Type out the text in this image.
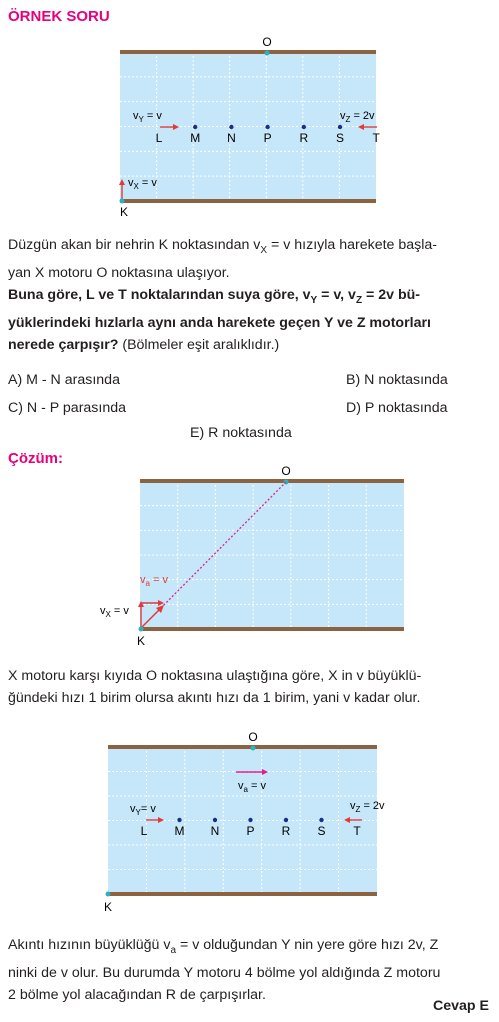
ÖRNEK SORU
O
L M N P R S T
$v_Y = v$	$v_Z = 2v$
$v_X = v$
K

Düzgün akan bir nehrin K noktasından $v_X = v$ hızıyla harekete başla-

yan X motoru O noktasına ulaşıyor.

Buna göre, L ve T noktalarından suya göre, $v_Y = v$, $v_Z = 2v$ bü-

yüklerindeki hızlarla aynı anda harekete geçen Y ve Z motorları

nerede çarpışır? (Bölmeler eşit aralıklıdır.)

A) M - N arasında	B) N noktasında
C) N - P parasında	D) P noktasında
E) R noktasında
Çözüm:
O
$v_a = v$
$v_X = v$
K

X motoru karşı kıyıda O noktasına ulaştığına göre, X in v büyüklü-

ğündeki hızı 1 birim olursa akıntı hızı da 1 birim, yani v kadar olur.

O
$v_a = v$
L M N P R S T
$v_Y= v$	$v_Z = 2v$
K

Akıntı hızının büyüklüğü $v_a = v$ olduğundan Y nin yere göre hızı 2v, Z

ninki de v olur. Bu durumda Y motoru 4 bölme yol aldığında Z motoru

2 bölme yol alacağından R de çarpışırlar.

Cevap E
